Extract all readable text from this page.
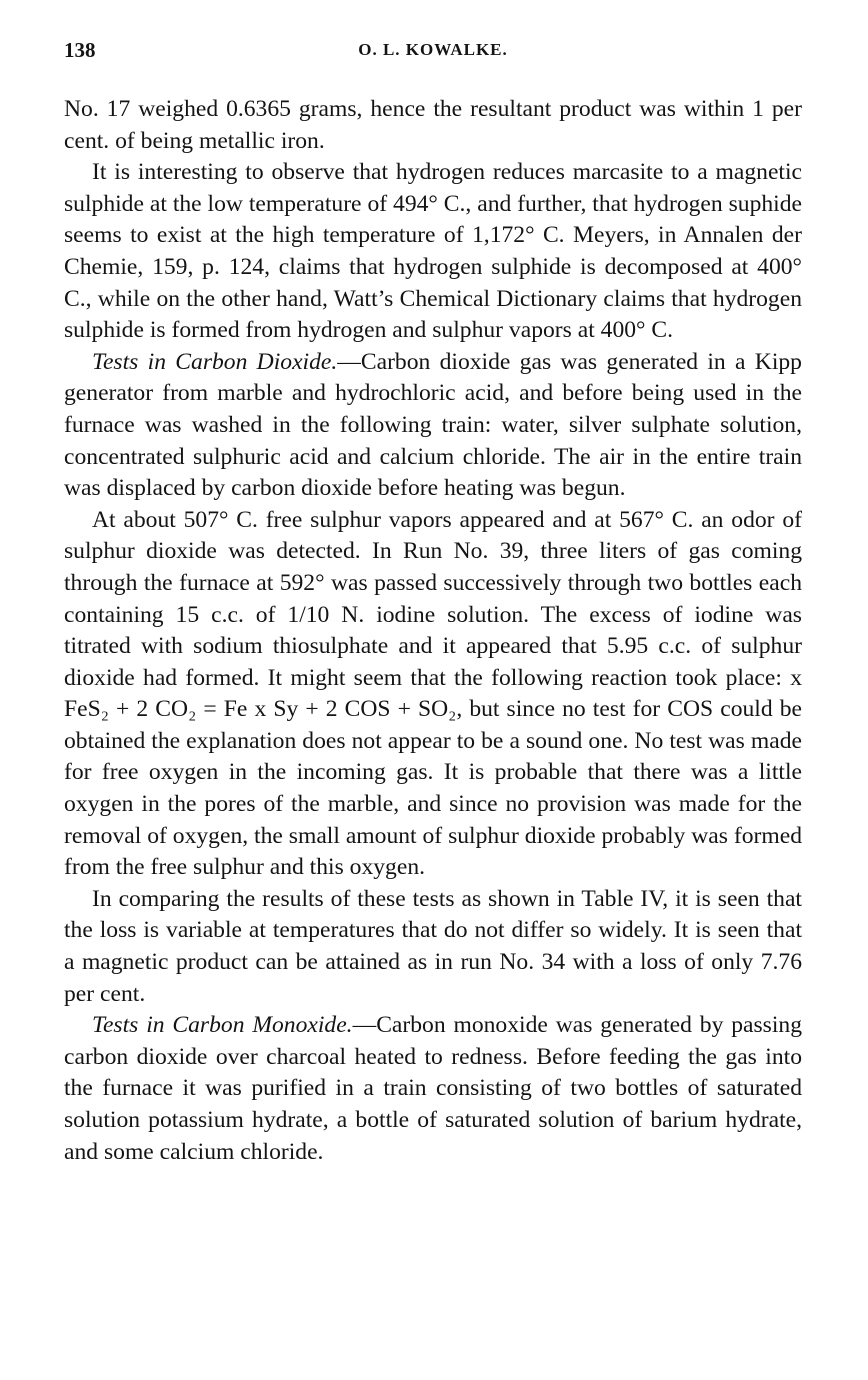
138	O. L. KOWALKE.

No. 17 weighed 0.6365 grams, hence the resultant product was within 1 per cent. of being metallic iron.

It is interesting to observe that hydrogen reduces marcasite to a magnetic sulphide at the low temperature of 494° C., and further, that hydrogen suphide seems to exist at the high temperature of 1,172° C. Meyers, in Annalen der Chemie, 159, p. 124, claims that hydrogen sulphide is decomposed at 400° C., while on the other hand, Watt’s Chemical Dictionary claims that hydrogen sulphide is formed from hydrogen and sulphur vapors at 400° C.

Tests in Carbon Dioxide.—Carbon dioxide gas was generated in a Kipp generator from marble and hydrochloric acid, and before being used in the furnace was washed in the following train: water, silver sulphate solution, concentrated sulphuric acid and calcium chloride. The air in the entire train was displaced by carbon dioxide before heating was begun.

At about 507° C. free sulphur vapors appeared and at 567° C. an odor of sulphur dioxide was detected. In Run No. 39, three liters of gas coming through the furnace at 592° was passed successively through two bottles each containing 15 c.c. of 1/10 N. iodine solution. The excess of iodine was titrated with sodium thiosulphate and it appeared that 5.95 c.c. of sulphur dioxide had formed. It might seem that the following reaction took place: x FeS₂ + 2 CO₂ = Fe x Sy + 2 COS + SO₂, but since no test for COS could be obtained the explanation does not appear to be a sound one. No test was made for free oxygen in the incoming gas. It is probable that there was a little oxygen in the pores of the marble, and since no provision was made for the removal of oxygen, the small amount of sulphur dioxide probably was formed from the free sulphur and this oxygen.

In comparing the results of these tests as shown in Table IV, it is seen that the loss is variable at temperatures that do not differ so widely. It is seen that a magnetic product can be attained as in run No. 34 with a loss of only 7.76 per cent.

Tests in Carbon Monoxide.—Carbon monoxide was generated by passing carbon dioxide over charcoal heated to redness. Before feeding the gas into the furnace it was purified in a train consisting of two bottles of saturated solution potassium hydrate, a bottle of saturated solution of barium hydrate, and some calcium chloride.
